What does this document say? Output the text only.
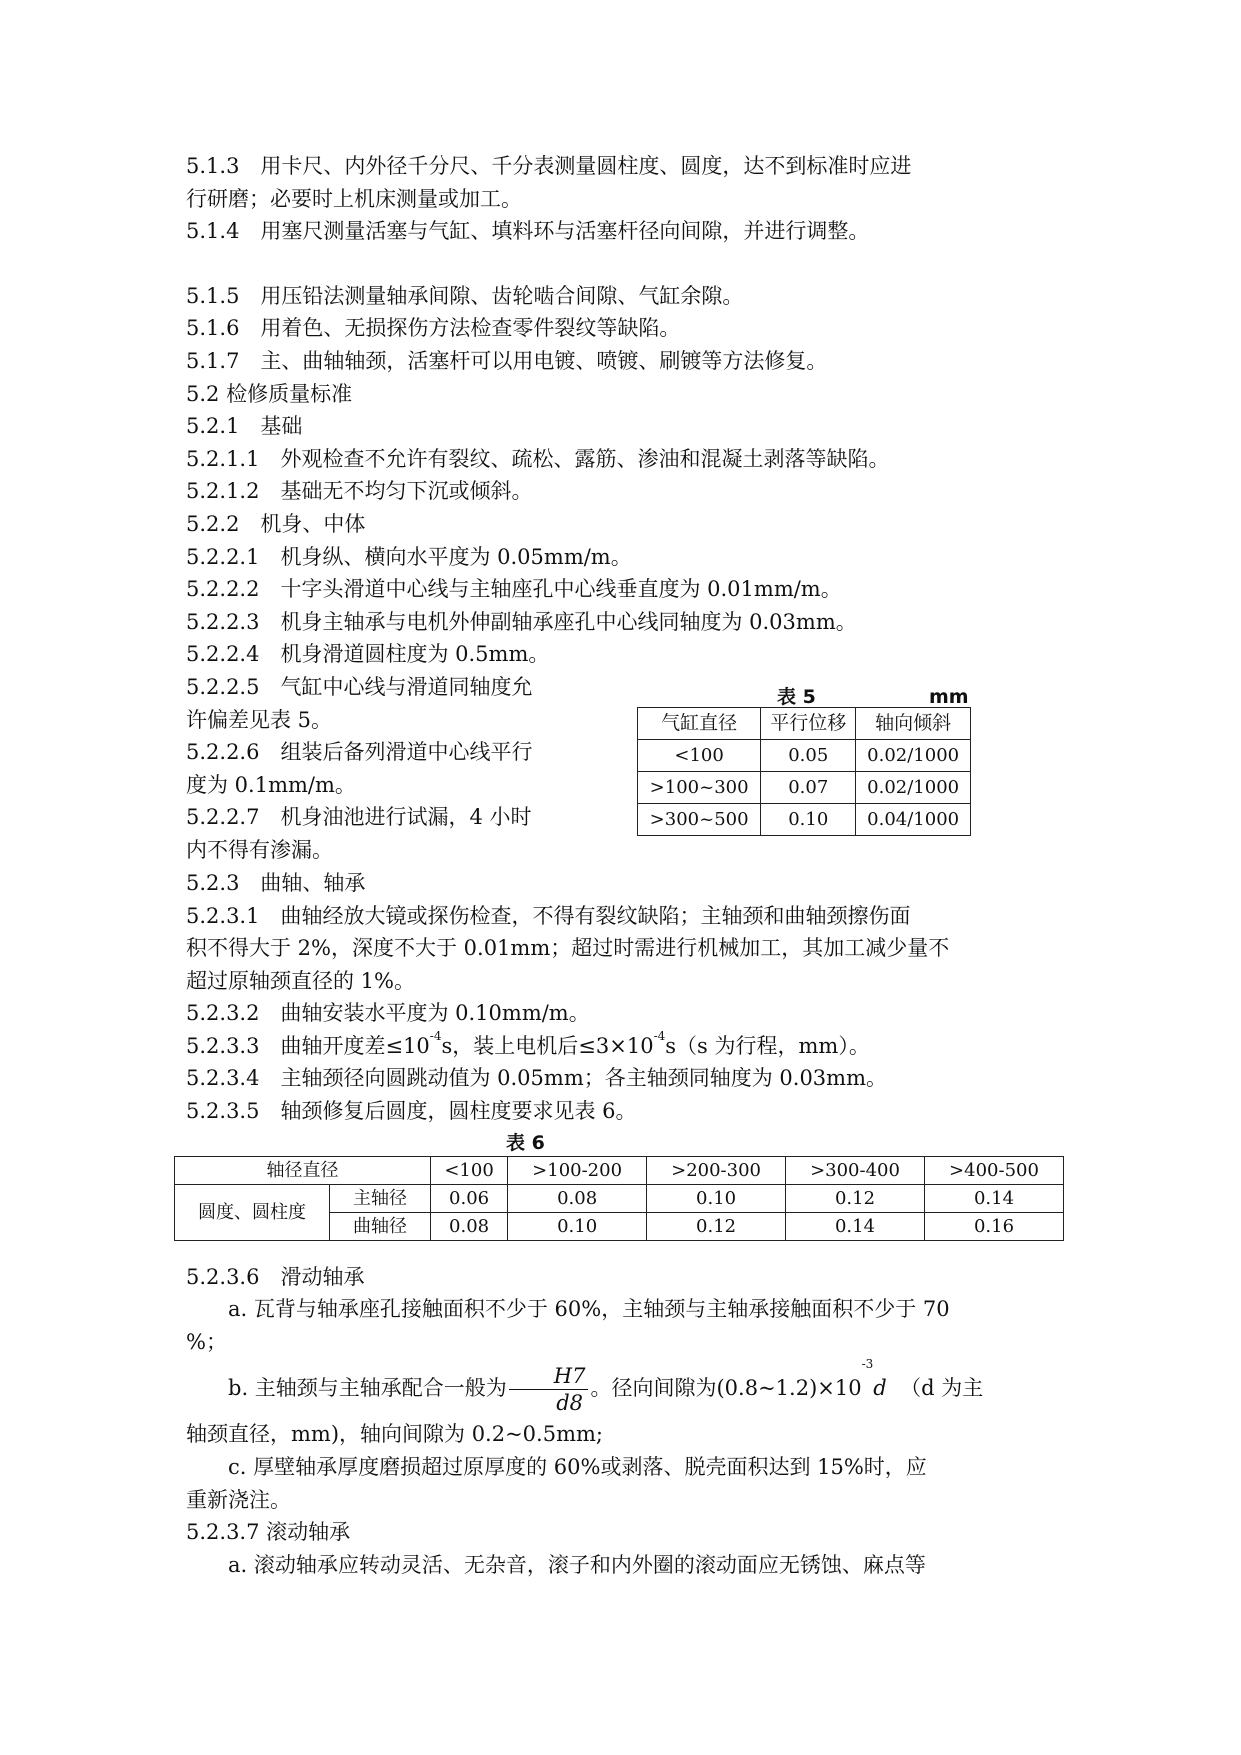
5.1.3　用卡尺、内外径千分尺、千分表测量圆柱度、圆度，达不到标准时应进

行研磨；必要时上机床测量或加工。

5.1.4　用塞尺测量活塞与气缸、填料环与活塞杆径向间隙，并进行调整。

5.1.5　用压铅法测量轴承间隙、齿轮啮合间隙、气缸余隙。

5.1.6　用着色、无损探伤方法检查零件裂纹等缺陷。

5.1.7　主、曲轴轴颈，活塞杆可以用电镀、喷镀、刷镀等方法修复。

5.2 检修质量标准

5.2.1　基础

5.2.1.1　外观检查不允许有裂纹、疏松、露筋、渗油和混凝土剥落等缺陷。

5.2.1.2　基础无不均匀下沉或倾斜。

5.2.2　机身、中体

5.2.2.1　机身纵、横向水平度为 0.05mm/m。

5.2.2.2　十字头滑道中心线与主轴座孔中心线垂直度为 0.01mm/m。

5.2.2.3　机身主轴承与电机外伸副轴承座孔中心线同轴度为 0.03mm。

5.2.2.4　机身滑道圆柱度为 0.5mm。

5.2.2.5　气缸中心线与滑道同轴度允

许偏差见表 5。

5.2.2.6　组装后备列滑道中心线平行

度为 0.1mm/m。

5.2.2.7　机身油池进行试漏，4 小时

内不得有渗漏。

表 5	mm
气缸直径	平行位移	轴向倾斜
<100	0.05	0.02/1000
>100~300	0.07	0.02/1000
>300~500	0.10	0.04/1000

5.2.3　曲轴、轴承

5.2.3.1　曲轴经放大镜或探伤检查，不得有裂纹缺陷；主轴颈和曲轴颈擦伤面

积不得大于 2%，深度不大于 0.01mm；超过时需进行机械加工，其加工减少量不

超过原轴颈直径的 1%。

5.2.3.2　曲轴安装水平度为 0.10mm/m。

5.2.3.3　曲轴开度差$\le 10^{-4}s$，装上电机后$\le 3\times 10^{-4}s(s$ 为行程，mm）。

5.2.3.4　主轴颈径向圆跳动值为 0.05mm；各主轴颈同轴度为 0.03mm。

5.2.3.5　轴颈修复后圆度，圆柱度要求见表 6。

表 6
轴径直径		<100	>100-200	>200-300	>300-400	>400-500
圆度、圆柱度	主轴径	0.06	0.08	0.10	0.12	0.14
	曲轴径	0.08	0.10	0.12	0.14	0.16

5.2.3.6　滑动轴承

a. 瓦背与轴承座孔接触面积不少于 60%，主轴颈与主轴承接触面积不少于 70

%；

b. 主轴颈与主轴承配合一般为 $\frac{H7}{d8}$ 。径向间隙为$(0.8\sim 1.2)\times 10^{-3}d$ （d 为主

轴颈直径，mm)，轴向间隙为 0.2~0.5mm;

c. 厚壁轴承厚度磨损超过原厚度的 60%或剥落、脱壳面积达到 15%时，应

重新浇注。

5.2.3.7 滚动轴承

a. 滚动轴承应转动灵活、无杂音，滚子和内外圈的滚动面应无锈蚀、麻点等
